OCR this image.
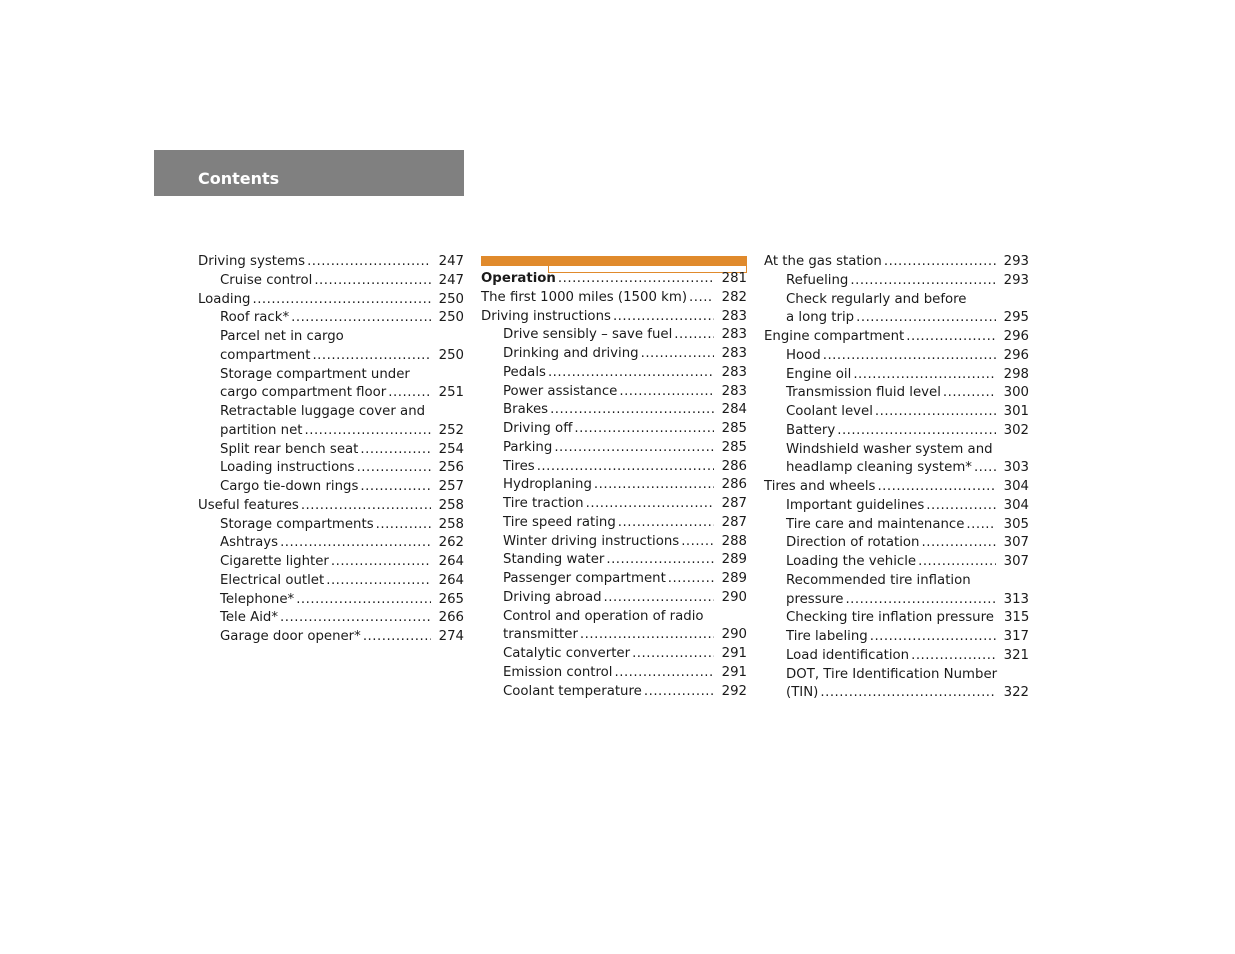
Contents
Driving systems .....	247
Cruise control .....	247
Loading .....	250
Roof rack* .....	250
Parcel net in cargo
compartment .....	250
Storage compartment under
cargo compartment floor .....	251
Retractable luggage cover and
partition net .....	252
Split rear bench seat .....	254
Loading instructions .....	256
Cargo tie-down rings .....	257
Useful features .....	258
Storage compartments .....	258
Ashtrays .....	262
Cigarette lighter .....	264
Electrical outlet .....	264
Telephone* .....	265
Tele Aid* .....	266
Garage door opener* .....	274
Operation .....	281
The first 1000 miles (1500 km) .....	282
Driving instructions .....	283
Drive sensibly – save fuel .....	283
Drinking and driving .....	283
Pedals .....	283
Power assistance .....	283
Brakes .....	284
Driving off .....	285
Parking .....	285
Tires .....	286
Hydroplaning .....	286
Tire traction .....	287
Tire speed rating .....	287
Winter driving instructions .....	288
Standing water .....	289
Passenger compartment .....	289
Driving abroad .....	290
Control and operation of radio
transmitter .....	290
Catalytic converter .....	291
Emission control .....	291
Coolant temperature .....	292
At the gas station .....	293
Refueling .....	293
Check regularly and before
a long trip .....	295
Engine compartment .....	296
Hood .....	296
Engine oil .....	298
Transmission fluid level .....	300
Coolant level .....	301
Battery .....	302
Windshield washer system and
headlamp cleaning system* .....	303
Tires and wheels .....	304
Important guidelines .....	304
Tire care and maintenance .....	305
Direction of rotation .....	307
Loading the vehicle .....	307
Recommended tire inflation
pressure .....	313
Checking tire inflation pressure 315
Tire labeling .....	317
Load identification .....	321
DOT, Tire Identification Number
(TIN) .....	322
